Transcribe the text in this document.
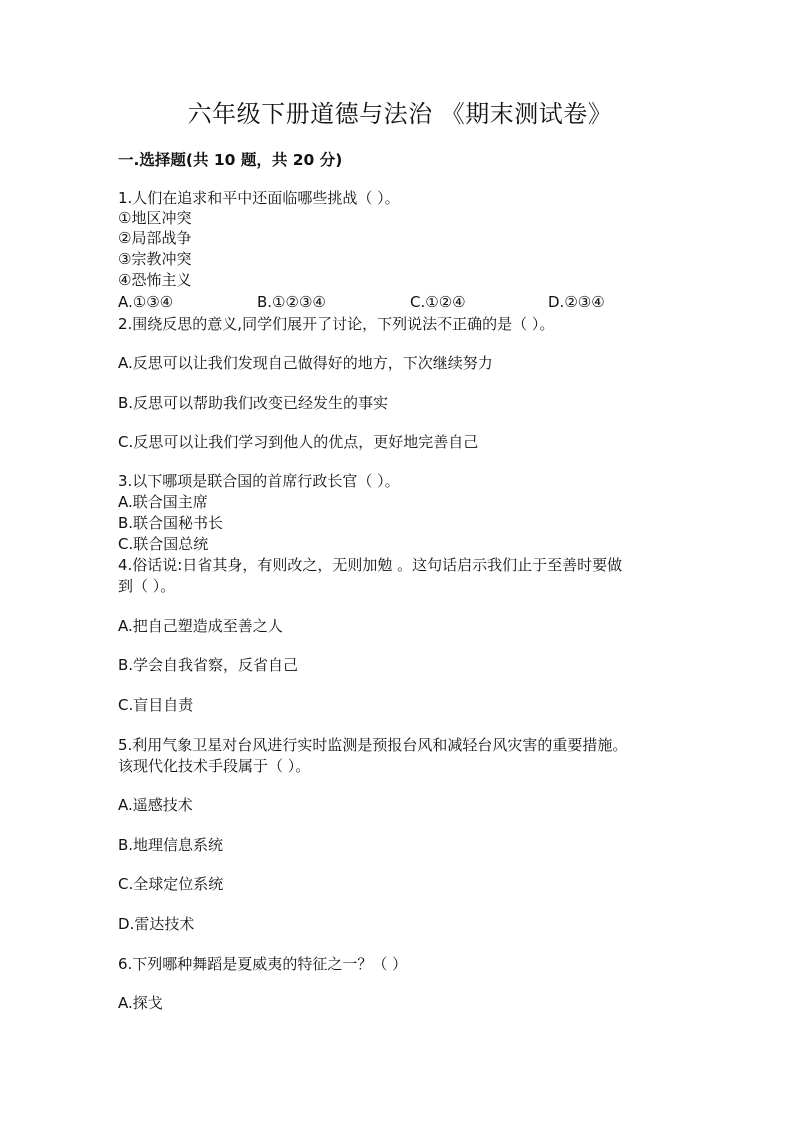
六年级下册道德与法治 《期末测试卷》
一.选择题(共 10 题，共 20 分)
1.人们在追求和平中还面临哪些挑战（ ）。
①地区冲突
②局部战争
③宗教冲突
④恐怖主义
A.①③④	B.①②③④	C.①②④	D.②③④
2.围绕反思的意义,同学们展开了讨论，下列说法不正确的是（ ）。
A.反思可以让我们发现自己做得好的地方，下次继续努力
B.反思可以帮助我们改变已经发生的事实
C.反思可以让我们学习到他人的优点，更好地完善自己
3.以下哪项是联合国的首席行政长官（ ）。
A.联合国主席
B.联合国秘书长
C.联合国总统
4.俗话说:日省其身，有则改之，无则加勉 。这句话启示我们止于至善时要做
到（ ）。
A.把自己塑造成至善之人
B.学会自我省察，反省自己
C.盲目自责
5.利用气象卫星对台风进行实时监测是预报台风和减轻台风灾害的重要措施。
该现代化技术手段属于（ ）。
A.遥感技术
B.地理信息系统
C.全球定位系统
D.雷达技术
6.下列哪种舞蹈是夏威夷的特征之一？（ ）
A.探戈
